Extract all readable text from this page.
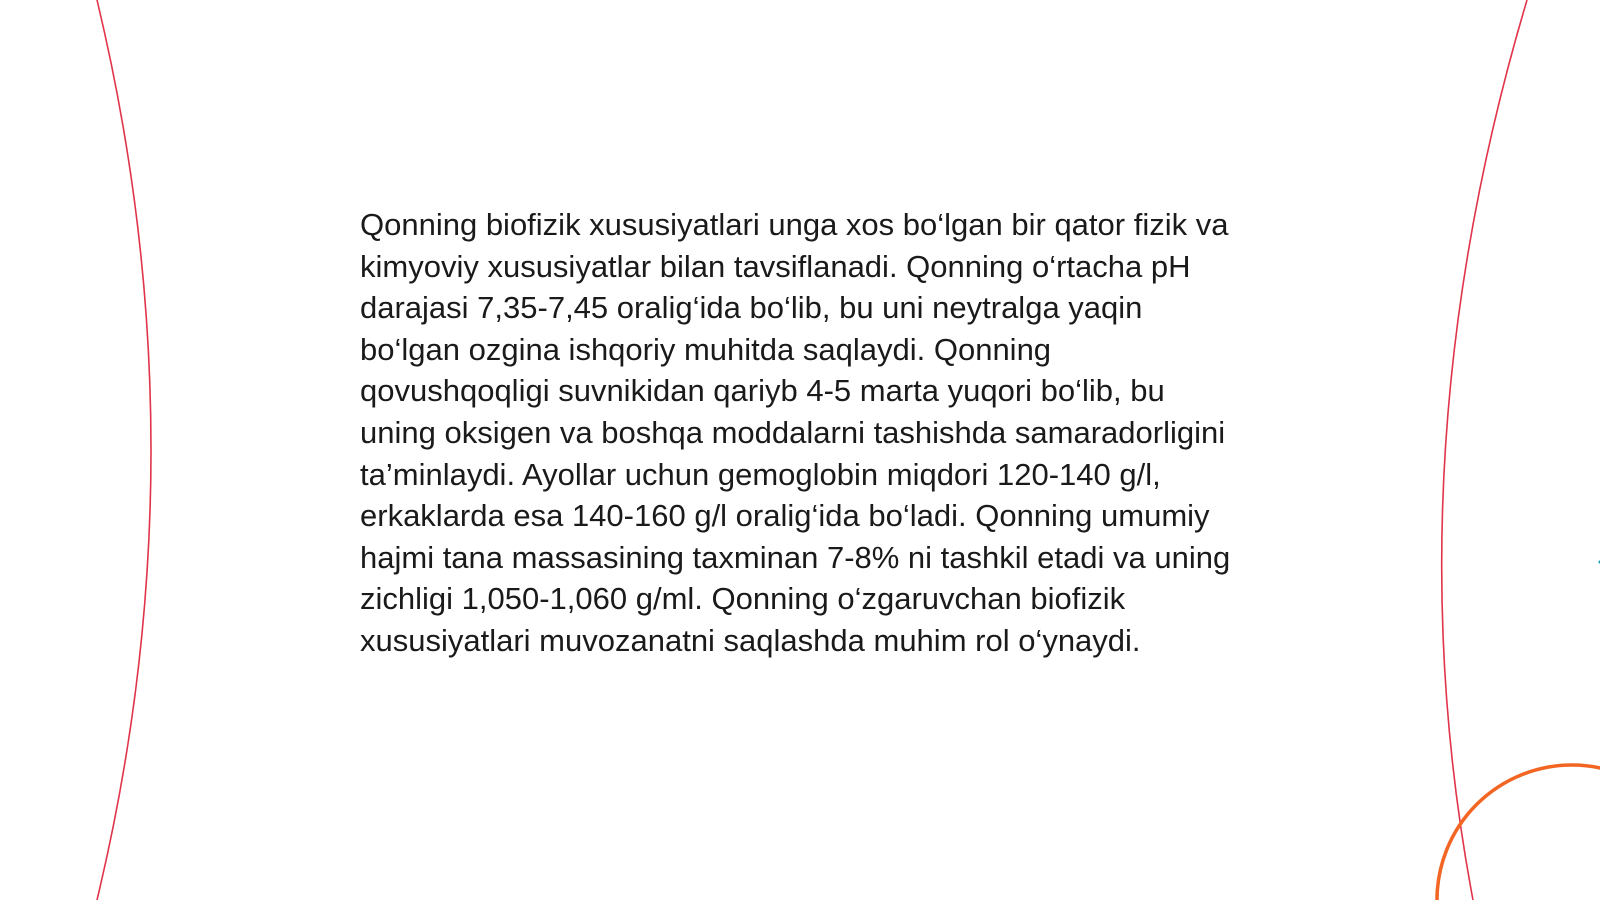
Qonning biofizik xususiyatlari unga xos bo‘lgan bir qator fizik va kimyoviy xususiyatlar bilan tavsiflanadi. Qonning o‘rtacha pH darajasi 7,35-7,45 oralig‘ida bo‘lib, bu uni neytralga yaqin bo‘lgan ozgina ishqoriy muhitda saqlaydi. Qonning qovushqoqligi suvnikidan qariyb 4-5 marta yuqori bo‘lib, bu uning oksigen va boshqa moddalarni tashishda samaradorligini ta’minlaydi. Ayollar uchun gemoglobin miqdori 120-140 g/l, erkaklarda esa 140-160 g/l oralig‘ida bo‘ladi. Qonning umumiy hajmi tana massasining taxminan 7-8% ni tashkil etadi va uning zichligi 1,050-1,060 g/ml. Qonning o‘zgaruvchan biofizik xususiyatlari muvozanatni saqlashda muhim rol o‘ynaydi.
